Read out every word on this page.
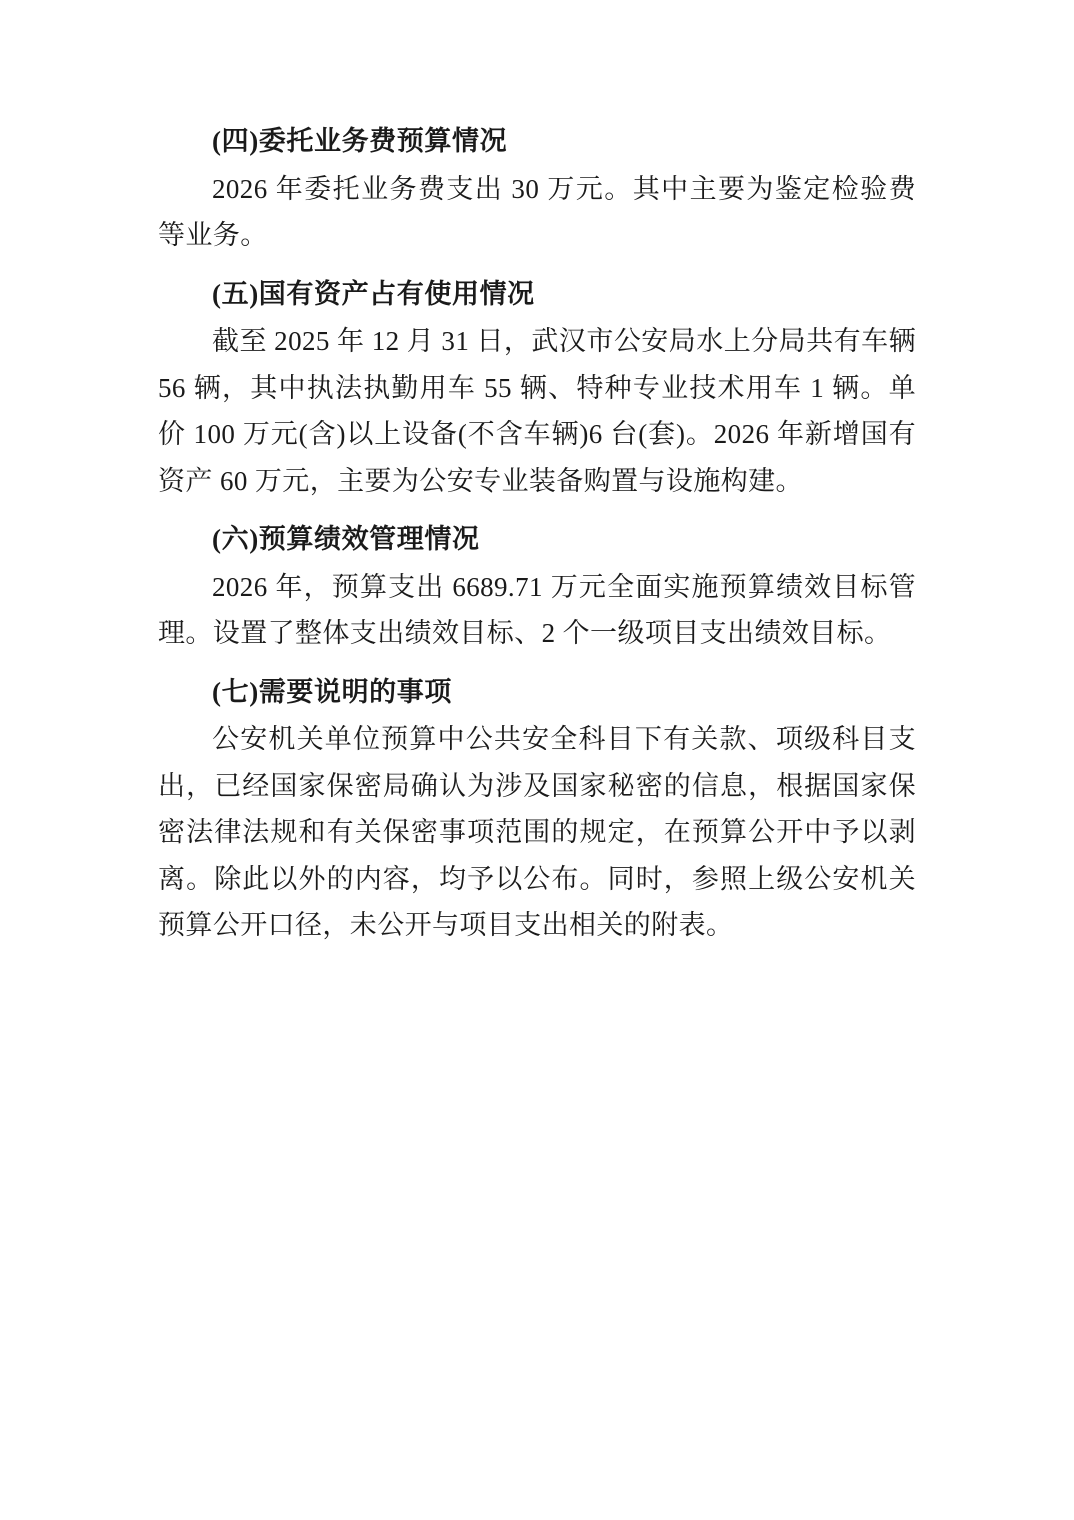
(四)委托业务费预算情况

2026 年委托业务费支出 30 万元。其中主要为鉴定检验费等业务。

(五)国有资产占有使用情况

截至 2025 年 12 月 31 日，武汉市公安局水上分局共有车辆 56 辆，其中执法执勤用车 55 辆、特种专业技术用车 1 辆。单价 100 万元(含)以上设备(不含车辆)6 台(套)。2026 年新增国有资产 60 万元，主要为公安专业装备购置与设施构建。

(六)预算绩效管理情况

2026 年，预算支出 6689.71 万元全面实施预算绩效目标管理。设置了整体支出绩效目标、2 个一级项目支出绩效目标。

(七)需要说明的事项

公安机关单位预算中公共安全科目下有关款、项级科目支出，已经国家保密局确认为涉及国家秘密的信息，根据国家保密法律法规和有关保密事项范围的规定，在预算公开中予以剥离。除此以外的内容，均予以公布。同时，参照上级公安机关预算公开口径，未公开与项目支出相关的附表。
